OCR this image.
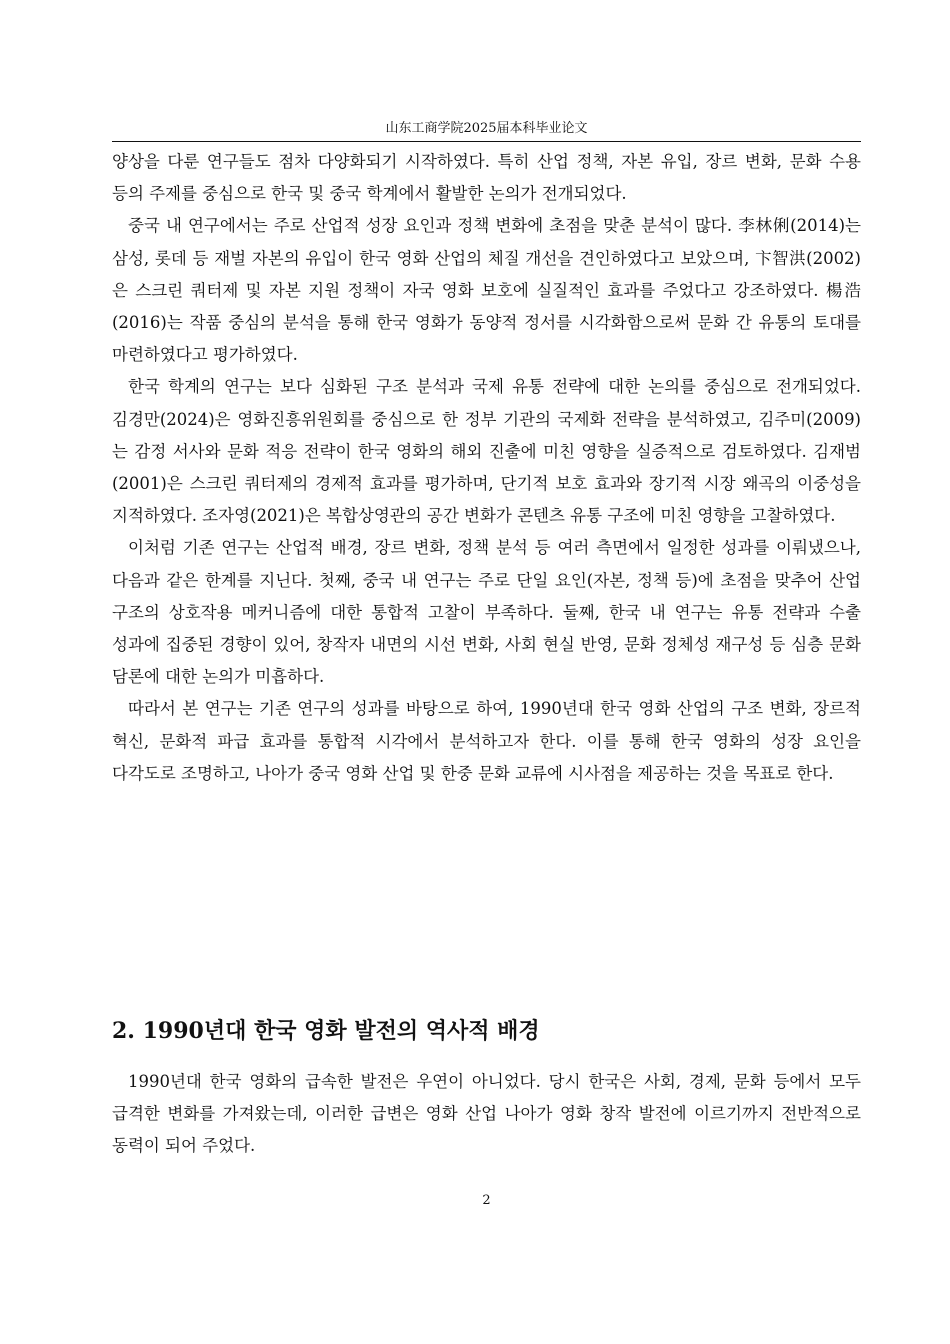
山东工商学院2025届本科毕业论文

양상을 다룬 연구들도 점차 다양화되기 시작하였다. 특히 산업 정책, 자본 유입, 장르 변화, 문화 수용 등의 주제를 중심으로 한국 및 중국 학계에서 활발한 논의가 전개되었다.

중국 내 연구에서는 주로 산업적 성장 요인과 정책 변화에 초점을 맞춘 분석이 많다. 李林俐(2014)는 삼성, 롯데 등 재벌 자본의 유입이 한국 영화 산업의 체질 개선을 견인하였다고 보았으며, 卞智洪(2002)은 스크린 쿼터제 및 자본 지원 정책이 자국 영화 보호에 실질적인 효과를 주었다고 강조하였다. 楊浩(2016)는 작품 중심의 분석을 통해 한국 영화가 동양적 정서를 시각화함으로써 문화 간 유통의 토대를 마련하였다고 평가하였다.

한국 학계의 연구는 보다 심화된 구조 분석과 국제 유통 전략에 대한 논의를 중심으로 전개되었다. 김경만(2024)은 영화진흥위원회를 중심으로 한 정부 기관의 국제화 전략을 분석하였고, 김주미(2009)는 감정 서사와 문화 적응 전략이 한국 영화의 해외 진출에 미친 영향을 실증적으로 검토하였다. 김재범(2001)은 스크린 쿼터제의 경제적 효과를 평가하며, 단기적 보호 효과와 장기적 시장 왜곡의 이중성을 지적하였다. 조자영(2021)은 복합상영관의 공간 변화가 콘텐츠 유통 구조에 미친 영향을 고찰하였다.

이처럼 기존 연구는 산업적 배경, 장르 변화, 정책 분석 등 여러 측면에서 일정한 성과를 이뤄냈으나, 다음과 같은 한계를 지닌다. 첫째, 중국 내 연구는 주로 단일 요인(자본, 정책 등)에 초점을 맞추어 산업 구조의 상호작용 메커니즘에 대한 통합적 고찰이 부족하다. 둘째, 한국 내 연구는 유통 전략과 수출 성과에 집중된 경향이 있어, 창작자 내면의 시선 변화, 사회 현실 반영, 문화 정체성 재구성 등 심층 문화 담론에 대한 논의가 미흡하다.

따라서 본 연구는 기존 연구의 성과를 바탕으로 하여, 1990년대 한국 영화 산업의 구조 변화, 장르적 혁신, 문화적 파급 효과를 통합적 시각에서 분석하고자 한다. 이를 통해 한국 영화의 성장 요인을 다각도로 조명하고, 나아가 중국 영화 산업 및 한중 문화 교류에 시사점을 제공하는 것을 목표로 한다.

2. 1990년대 한국 영화 발전의 역사적 배경

1990년대 한국 영화의 급속한 발전은 우연이 아니었다. 당시 한국은 사회, 경제, 문화 등에서 모두 급격한 변화를 가져왔는데, 이러한 급변은 영화 산업 나아가 영화 창작 발전에 이르기까지 전반적으로 동력이 되어 주었다.

2
